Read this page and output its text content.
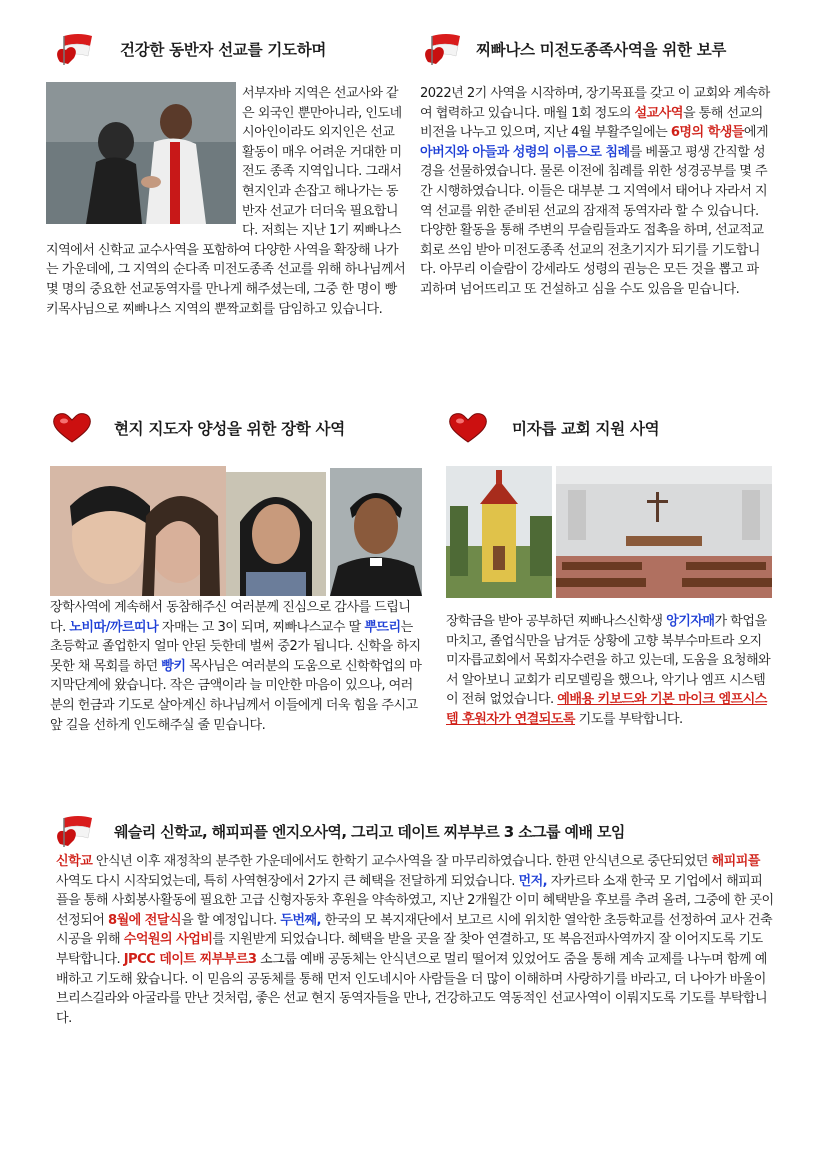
건강한 동반자 선교를 기도하며	찌빠나스 미전도종족사역을 위한 보루

서부자바 지역은 선교사와 같은 외국인 뿐만아니라, 인도네시아인이라도 외지인은 선교활동이 매우 어려운 거대한 미전도 종족 지역입니다. 그래서 현지인과 손잡고 해나가는 동반자 선교가 더더욱 필요합니다. 저희는 지난 1기 찌빠나스지역에서 신학교 교수사역을 포함하여 다양한 사역을 확장해 나가는 가운데에, 그 지역의 순다족 미전도종족 선교를 위해 하나님께서 몇 명의 중요한 선교동역자를 만나게 해주셨는데, 그중 한 명이 빵키목사님으로 찌빠나스 지역의 뿐짝교회를 담임하고 있습니다.

2022년 2기 사역을 시작하며, 장기목표를 갖고 이 교회와 계속하여 협력하고 있습니다. 매월 1회 정도의 설교사역을 통해 선교의 비전을 나누고 있으며, 지난 4월 부활주일에는 6명의 학생들에게 아버지와 아들과 성령의 이름으로 침례를 베풀고 평생 간직할 성경을 선물하였습니다. 물론 이전에 침례를 위한 성경공부를 몇 주간 시행하였습니다. 이들은 대부분 그 지역에서 태어나 자라서 지역 선교를 위한 준비된 선교의 잠재적 동역자라 할 수 있습니다. 다양한 활동을 통해 주변의 무슬림들과도 접촉을 하며, 선교적교회로 쓰임 받아 미전도종족 선교의 전초기지가 되기를 기도합니다. 아무리 이슬람이 강세라도 성령의 권능은 모든 것을 뽑고 파괴하며 넘어뜨리고 또 건설하고 심을 수도 있음을 믿습니다.

현지 지도자 양성을 위한 장학 사역	미자릅 교회 지원 사역

장학사역에 계속해서 동참해주신 여러분께 진심으로 감사를 드립니다. 노비따/까르띠나 자매는 고 3이 되며, 찌빠나스교수 딸 뿌뜨리는 초등학교 졸업한지 얼마 안된 듯한데 벌써 중2가 됩니다. 신학을 하지 못한 채 목회를 하던 빵키 목사님은 여러분의 도움으로 신학학업의 마지막단계에 왔습니다. 작은 금액이라 늘 미안한 마음이 있으나, 여러분의 헌금과 기도로 살아계신 하나님께서 이들에게 더욱 힘을 주시고 앞 길을 선하게 인도해주실 줄 믿습니다.

장학금을 받아 공부하던 찌빠나스신학생 앙기자매가 학업을 마치고, 졸업식만을 남겨둔 상황에 고향 북부수마트라 오지 미자릅교회에서 목회자수련을 하고 있는데, 도움을 요청해와서 알아보니 교회가 리모델링을 했으나, 악기나 엠프 시스템이 전혀 없었습니다. 예배용 키보드와 기본 마이크 엠프시스템 후원자가 연결되도록 기도를 부탁합니다.

웨슬리 신학교, 해피피플 엔지오사역, 그리고 데이트 찌부부르 3 소그룹 예배 모임

신학교 안식년 이후 재정착의 분주한 가운데에서도 한학기 교수사역을 잘 마무리하였습니다. 한편 안식년으로 중단되었던 해피피플 사역도 다시 시작되었는데, 특히 사역현장에서 2가지 큰 혜택을 전달하게 되었습니다. 먼저, 자카르타 소재 한국 모 기업에서 해피피플을 통해 사회봉사활동에 필요한 고급 신형자동차 후원을 약속하였고, 지난 2개월간 이미 혜택받을 후보를 추려 올려, 그중에 한 곳이 선정되어 8월에 전달식을 할 예정입니다. 두번째, 한국의 모 복지재단에서 보고르 시에 위치한 열악한 초등학교를 선정하여 교사 건축시공을 위해 수억원의 사업비를 지원받게 되었습니다. 혜택을 받을 곳을 잘 찾아 연결하고, 또 복음전파사역까지 잘 이어지도록 기도부탁합니다. JPCC 데이트 찌부부르3 소그룹 예배 공동체는 안식년으로 멀리 떨어져 있었어도 줌을 통해 계속 교제를 나누며 함께 예배하고 기도해 왔습니다. 이 믿음의 공동체를 통해 먼저 인도네시아 사람들을 더 많이 이해하며 사랑하기를 바라고, 더 나아가 바울이 브리스길라와 아굴라를 만난 것처럼, 좋은 선교 현지 동역자들을 만나, 건강하고도 역동적인 선교사역이 이뤄지도록 기도를 부탁합니다.
